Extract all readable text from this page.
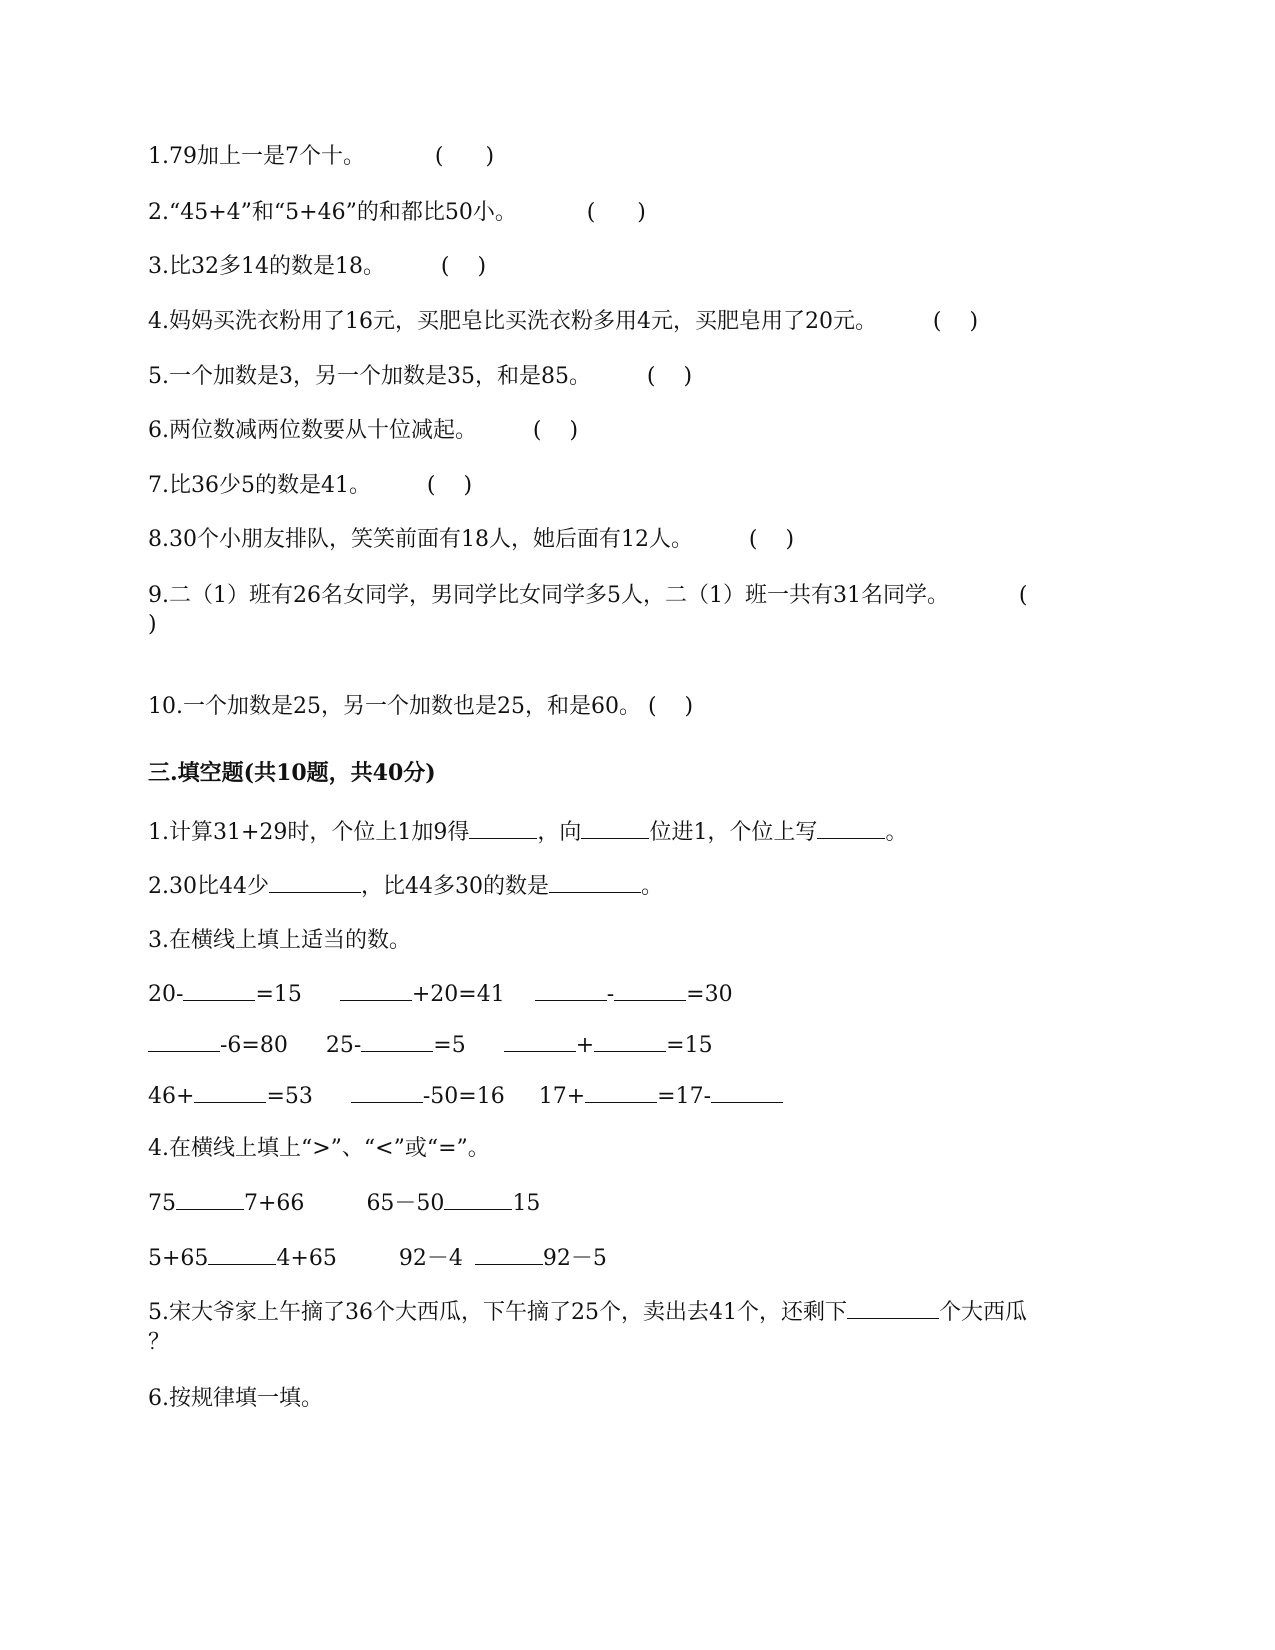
1.79加上一是7个十。          (      )
2.“45+4”和“5+46”的和都比50小。          (      )
3.比32多14的数是18。        (    )
4.妈妈买洗衣粉用了16元，买肥皂比买洗衣粉多用4元，买肥皂用了20元。        (    )
5.一个加数是3，另一个加数是35，和是85。        (    )
6.两位数减两位数要从十位减起。        (    )
7.比36少5的数是41。        (    )
8.30个小朋友排队，笑笑前面有18人，她后面有12人。        (    )
9.二（1）班有26名女同学，男同学比女同学多5人，二（1）班一共有31名同学。          (
)
10.一个加数是25，另一个加数也是25，和是60。 (    )
三.填空题(共10题，共40分)
1.计算31+29时，个位上1加9得	，向	位进1，个位上写	。
2.30比44少	，比44多30的数是	。
3.在横线上填上适当的数。
20-	=15	+20=41	-	=30
-6=80 25-	=5	+	=15
46+	=53	-50=16 17+	=17-
4.在横线上填上“>”、“<”或“=”。
75	7+66	65－50	15
5+65	4+65	92－4	92－5
5.宋大爷家上午摘了36个大西瓜，下午摘了25个，卖出去41个，还剩下	个大西瓜
？
6.按规律填一填。
